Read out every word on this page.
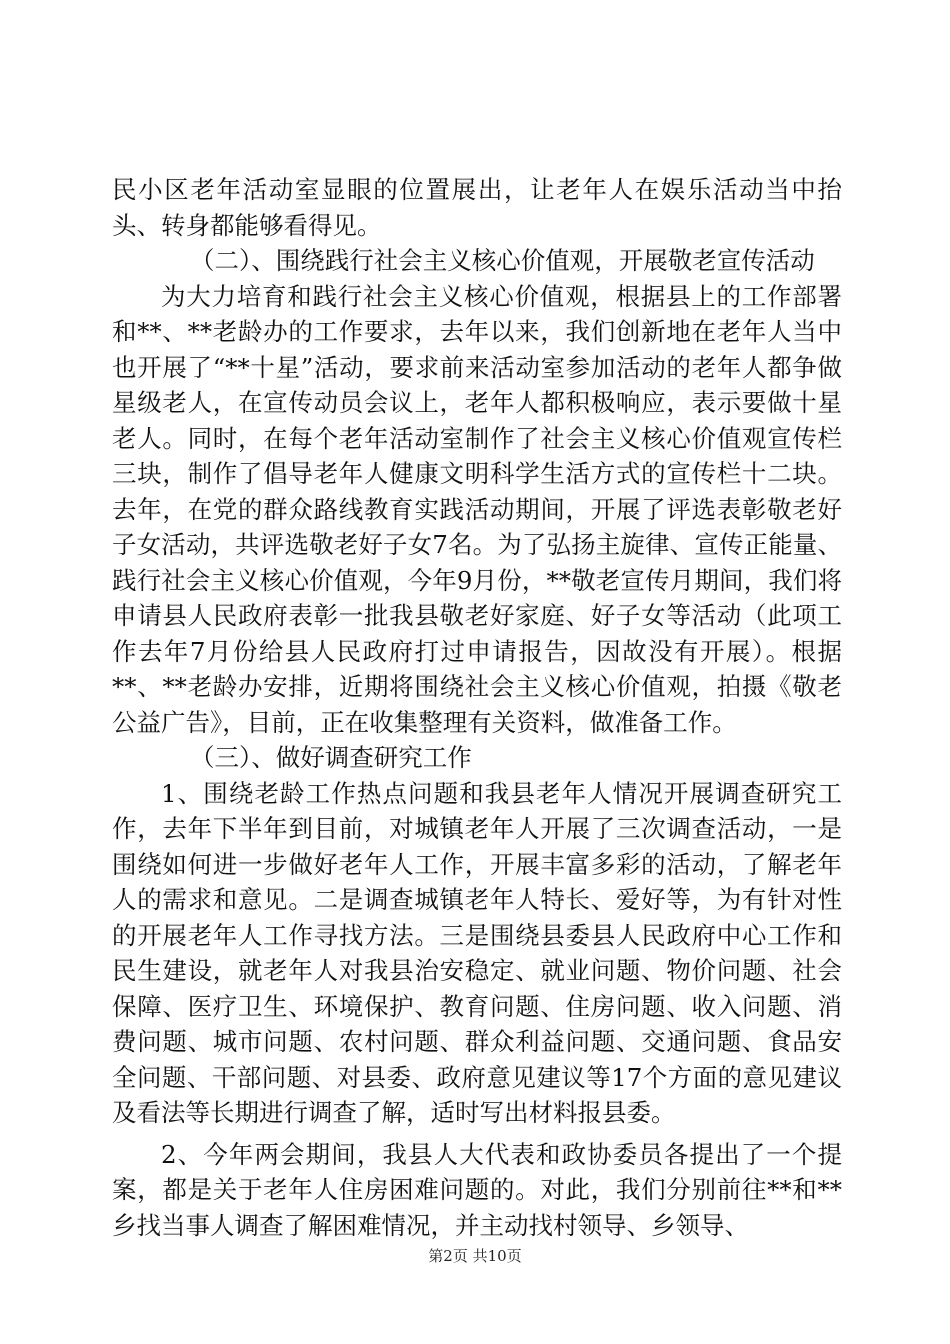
民小区老年活动室显眼的位置展出，让老年人在娱乐活动当中抬头、转身都能够看得见。

（二）、围绕践行社会主义核心价值观，开展敬老宣传活动

为大力培育和践行社会主义核心价值观，根据县上的工作部署和**、**老龄办的工作要求，去年以来，我们创新地在老年人当中也开展了“**十星”活动，要求前来活动室参加活动的老年人都争做星级老人，在宣传动员会议上，老年人都积极响应，表示要做十星老人。同时，在每个老年活动室制作了社会主义核心价值观宣传栏三块，制作了倡导老年人健康文明科学生活方式的宣传栏十二块。去年，在党的群众路线教育实践活动期间，开展了评选表彰敬老好子女活动，共评选敬老好子女7名。为了弘扬主旋律、宣传正能量、践行社会主义核心价值观，今年9月份，**敬老宣传月期间，我们将申请县人民政府表彰一批我县敬老好家庭、好子女等活动（此项工作去年7月份给县人民政府打过申请报告，因故没有开展）。根据**、**老龄办安排，近期将围绕社会主义核心价值观，拍摄《敬老公益广告》，目前，正在收集整理有关资料，做准备工作。

（三）、做好调查研究工作

1、围绕老龄工作热点问题和我县老年人情况开展调查研究工作，去年下半年到目前，对城镇老年人开展了三次调查活动，一是围绕如何进一步做好老年人工作，开展丰富多彩的活动，了解老年人的需求和意见。二是调查城镇老年人特长、爱好等，为有针对性的开展老年人工作寻找方法。三是围绕县委县人民政府中心工作和民生建设，就老年人对我县治安稳定、就业问题、物价问题、社会保障、医疗卫生、环境保护、教育问题、住房问题、收入问题、消费问题、城市问题、农村问题、群众利益问题、交通问题、食品安全问题、干部问题、对县委、政府意见建议等17个方面的意见建议及看法等长期进行调查了解，适时写出材料报县委。

2、今年两会期间，我县人大代表和政协委员各提出了一个提案，都是关于老年人住房困难问题的。对此，我们分别前往**和**乡找当事人调查了解困难情况，并主动找村领导、乡领导、

第2页 共10页
